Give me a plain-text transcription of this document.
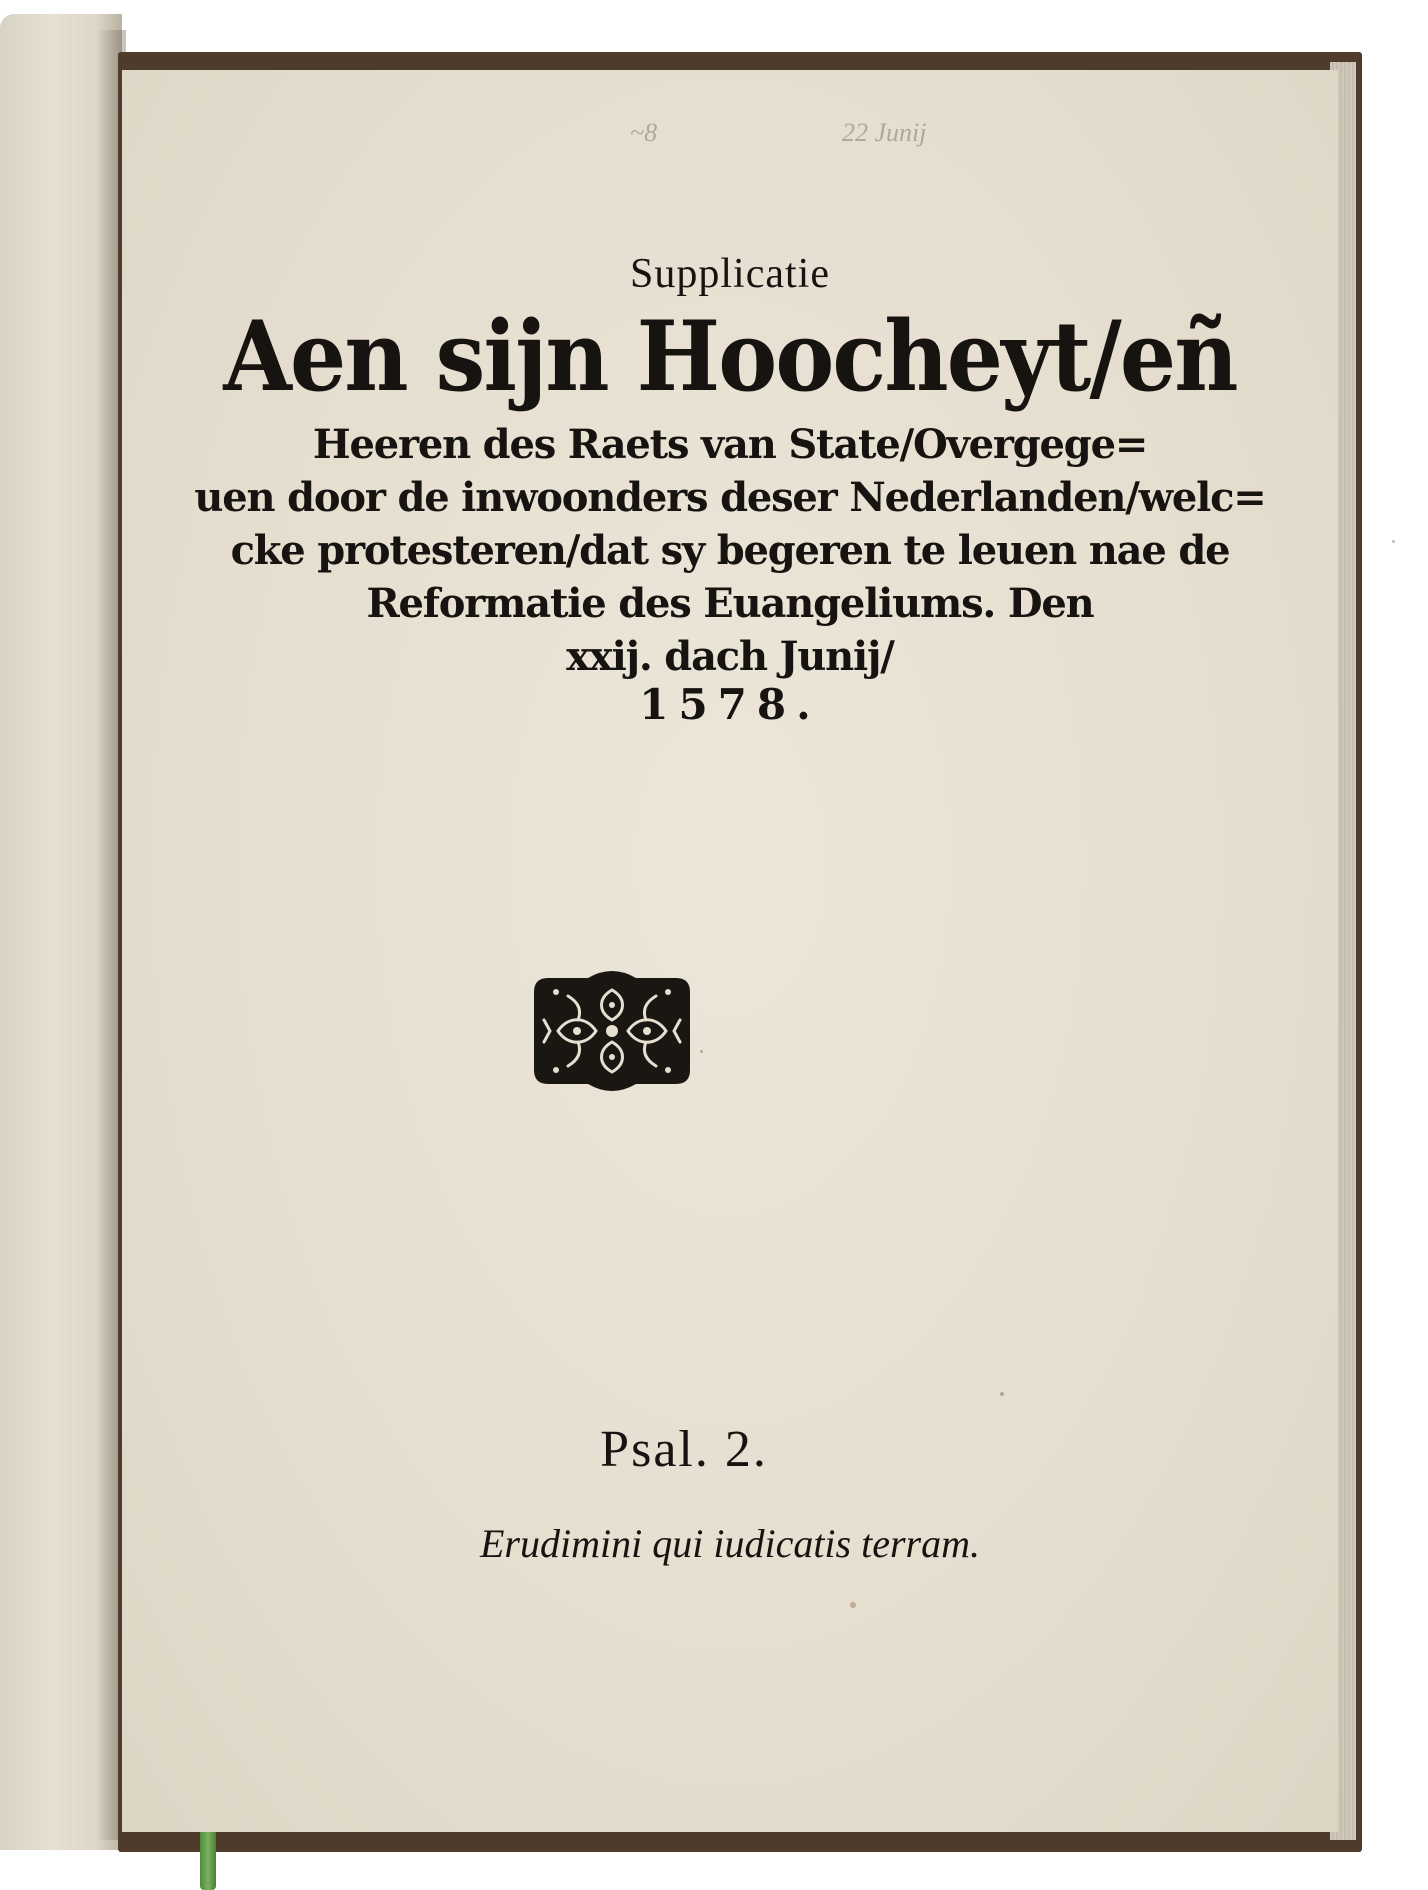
~8	22 Junij
Supplicatie
Aen sijn Hoocheyt/eñ
Heeren des Raets van State/Overgege=
uen door de inwoonders deser Nederlanden/welc=
cke protesteren/dat sy begeren te leuen nae de
Reformatie des Euangeliums. Den
xxij. dach Junij/
1578.
Psal. 2.
Erudimini qui iudicatis terram.
